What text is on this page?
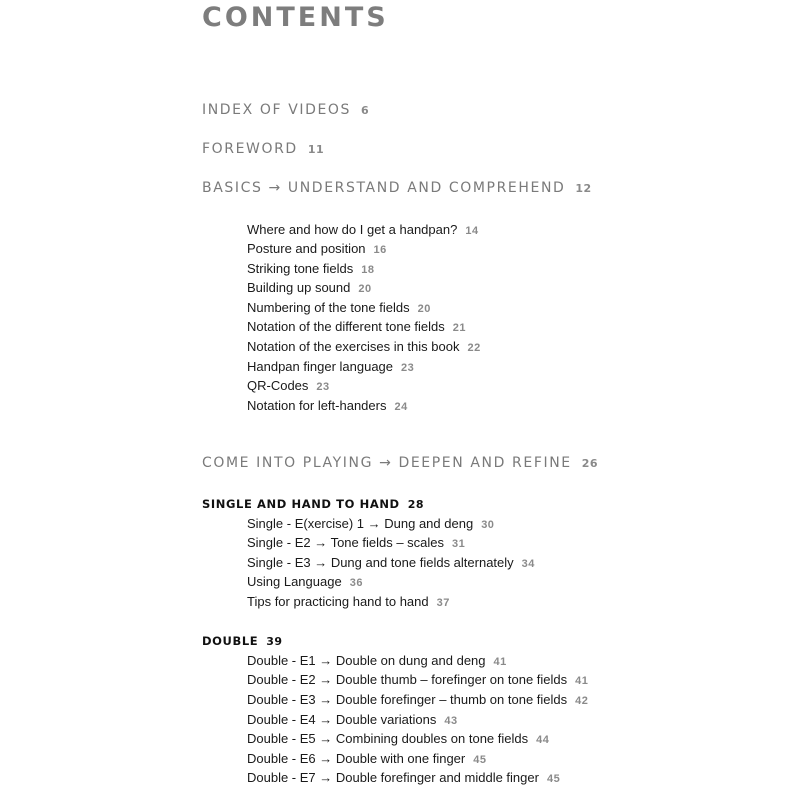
CONTENTS
INDEX OF VIDEOS 6
FOREWORD 11
BASICS → UNDERSTAND AND COMPREHEND 12
Where and how do I get a handpan? 14
Posture and position 16
Striking tone fields 18
Building up sound 20
Numbering of the tone fields 20
Notation of the different tone fields 21
Notation of the exercises in this book 22
Handpan finger language 23
QR-Codes 23
Notation for left-handers 24
COME INTO PLAYING → DEEPEN AND REFINE 26
SINGLE AND HAND TO HAND 28
Single - E(xercise) 1 → Dung and deng 30
Single - E2 → Tone fields – scales 31
Single - E3 → Dung and tone fields alternately 34
Using Language 36
Tips for practicing hand to hand 37
DOUBLE 39
Double - E1 → Double on dung and deng 41
Double - E2 → Double thumb – forefinger on tone fields 41
Double - E3 → Double forefinger – thumb on tone fields 42
Double - E4 → Double variations 43
Double - E5 → Combining doubles on tone fields 44
Double - E6 → Double with one finger 45
Double - E7 → Double forefinger and middle finger 45
